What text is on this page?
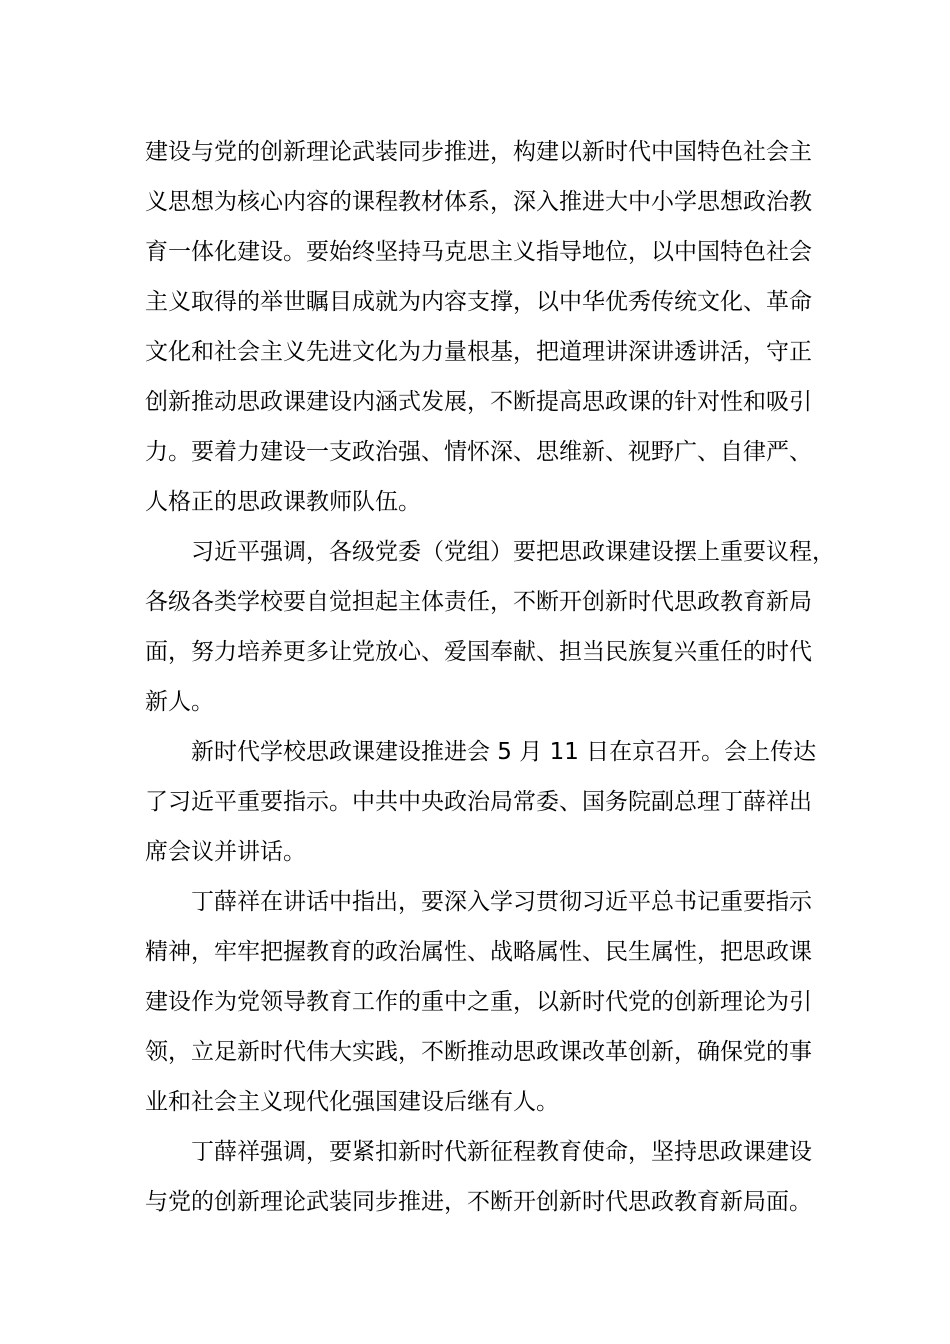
建设与党的创新理论武装同步推进，构建以新时代中国特色社会主
义思想为核心内容的课程教材体系，深入推进大中小学思想政治教
育一体化建设。要始终坚持马克思主义指导地位，以中国特色社会
主义取得的举世瞩目成就为内容支撑，以中华优秀传统文化、革命
文化和社会主义先进文化为力量根基，把道理讲深讲透讲活，守正
创新推动思政课建设内涵式发展，不断提高思政课的针对性和吸引
力。要着力建设一支政治强、情怀深、思维新、视野广、自律严、
人格正的思政课教师队伍。
习近平强调，各级党委（党组）要把思政课建设摆上重要议程，
各级各类学校要自觉担起主体责任，不断开创新时代思政教育新局
面，努力培养更多让党放心、爱国奉献、担当民族复兴重任的时代
新人。
新时代学校思政课建设推进会 5 月 11 日在京召开。会上传达
了习近平重要指示。中共中央政治局常委、国务院副总理丁薛祥出
席会议并讲话。
丁薛祥在讲话中指出，要深入学习贯彻习近平总书记重要指示
精神，牢牢把握教育的政治属性、战略属性、民生属性，把思政课
建设作为党领导教育工作的重中之重，以新时代党的创新理论为引
领，立足新时代伟大实践，不断推动思政课改革创新，确保党的事
业和社会主义现代化强国建设后继有人。
丁薛祥强调，要紧扣新时代新征程教育使命，坚持思政课建设
与党的创新理论武装同步推进，不断开创新时代思政教育新局面。
